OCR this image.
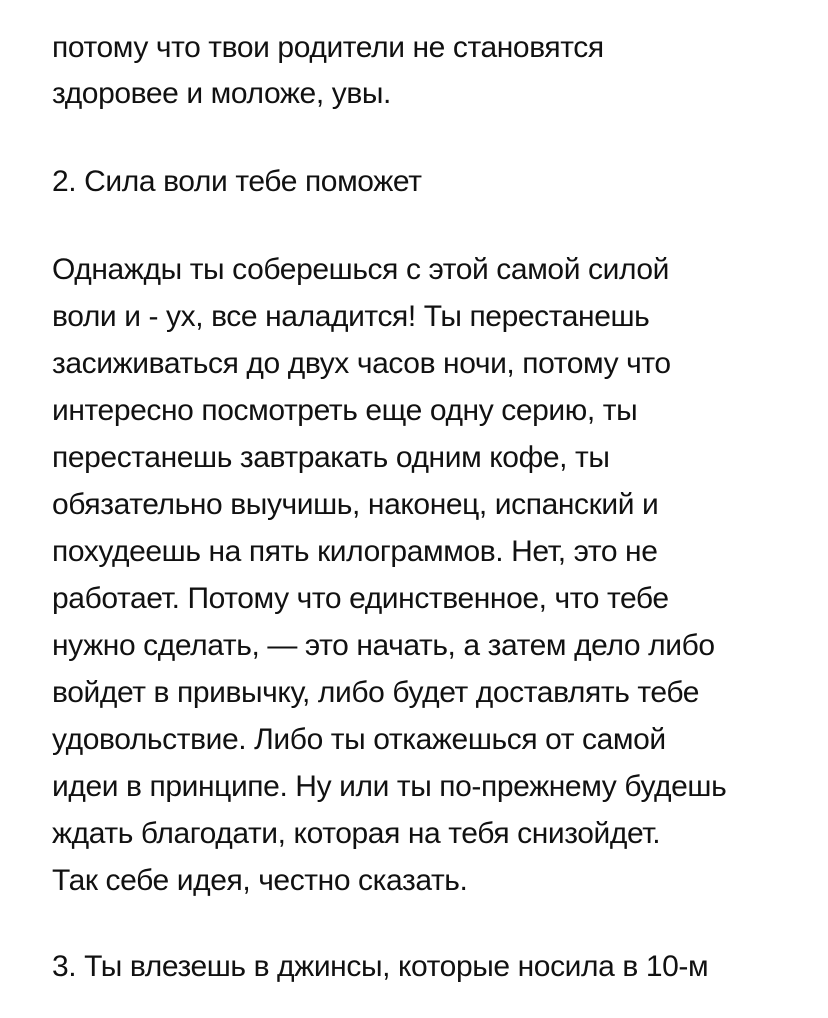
потому что твои родители не становятся
здоровее и моложе, увы.
2. Сила воли тебе поможет
Однажды ты соберешься с этой самой силой
воли и - ух, все наладится! Ты перестанешь
засиживаться до двух часов ночи, потому что
интересно посмотреть еще одну серию, ты
перестанешь завтракать одним кофе, ты
обязательно выучишь, наконец, испанский и
похудеешь на пять килограммов. Нет, это не
работает. Потому что единственное, что тебе
нужно сделать, — это начать, а затем дело либо
войдет в привычку, либо будет доставлять тебе
удовольствие. Либо ты откажешься от самой
идеи в принципе. Ну или ты по-прежнему будешь
ждать благодати, которая на тебя снизойдет.
Так себе идея, честно сказать.
3. Ты влезешь в джинсы, которые носила в 10-м
